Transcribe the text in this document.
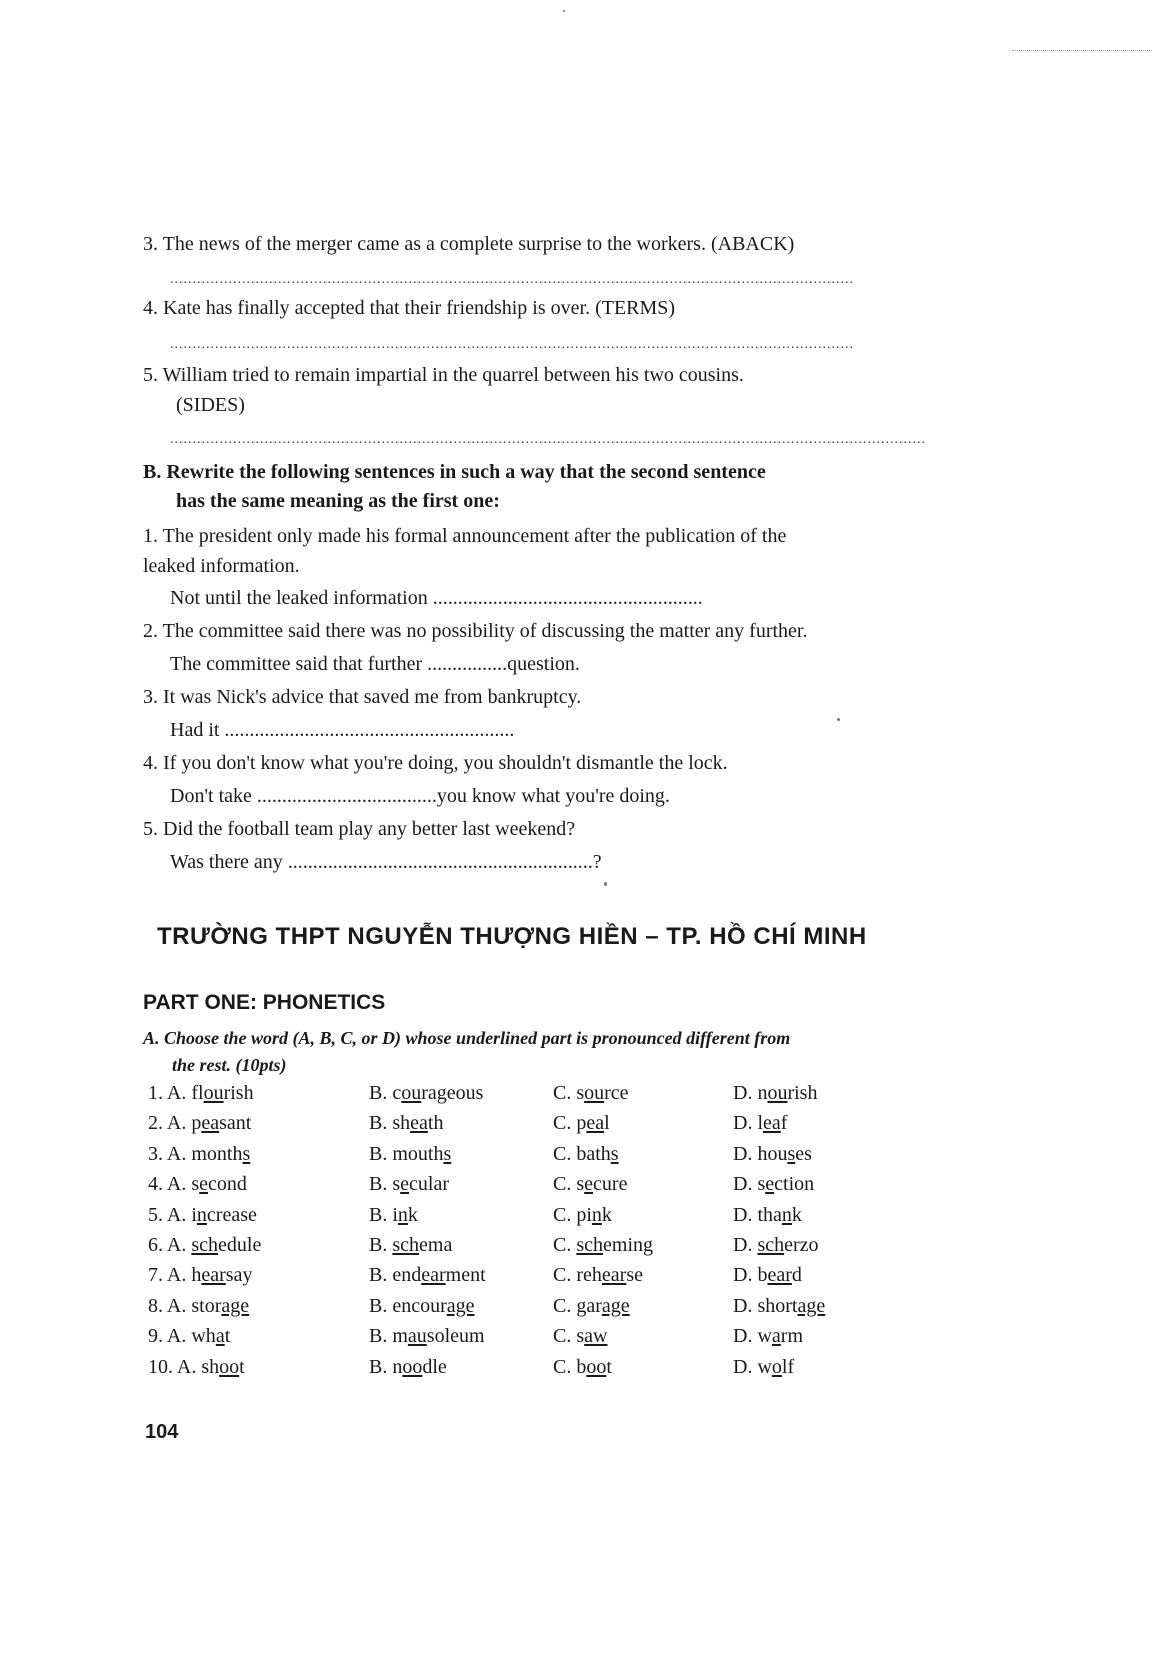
3. The news of the merger came as a complete surprise to the workers. (ABACK)
........................................................................................................................................................
4. Kate has finally accepted that their friendship is over. (TERMS)
........................................................................................................................................................
5. William tried to remain impartial in the quarrel between his two cousins.
(SIDES)
........................................................................................................................................................................
B. Rewrite the following sentences in such a way that the second sentence
has the same meaning as the first one:
1. The president only made his formal announcement after the publication of the
leaked information.
Not until the leaked information ......................................................
2. The committee said there was no possibility of discussing the matter any further.
The committee said that further ................question.
3. It was Nick's advice that saved me from bankruptcy.
Had it ..........................................................
4. If you don't know what you're doing, you shouldn't dismantle the lock.
Don't take ....................................you know what you're doing.
5. Did the football team play any better last weekend?
Was there any .............................................................?
TRƯỜNG THPT NGUYỄN THƯỢNG HIỀN – TP. HỒ CHÍ MINH
PART ONE: PHONETICS
A. Choose the word (A, B, C, or D) whose underlined part is pronounced different from
the rest. (10pts)
1. A. flourish	B. courageous	C. source	D. nourish
2. A. peasant	B. sheath	C. peal	D. leaf
3. A. months	B. mouths	C. baths	D. houses
4. A. second	B. secular	C. secure	D. section
5. A. increase	B. ink	C. pink	D. thank
6. A. schedule	B. schema	C. scheming	D. scherzo
7. A. hearsay	B. endearment	C. rehearse	D. beard
8. A. storage	B. encourage	C. garage	D. shortage
9. A. what	B. mausoleum	C. saw	D. warm
10. A. shoot	B. noodle	C. boot	D. wolf
104
